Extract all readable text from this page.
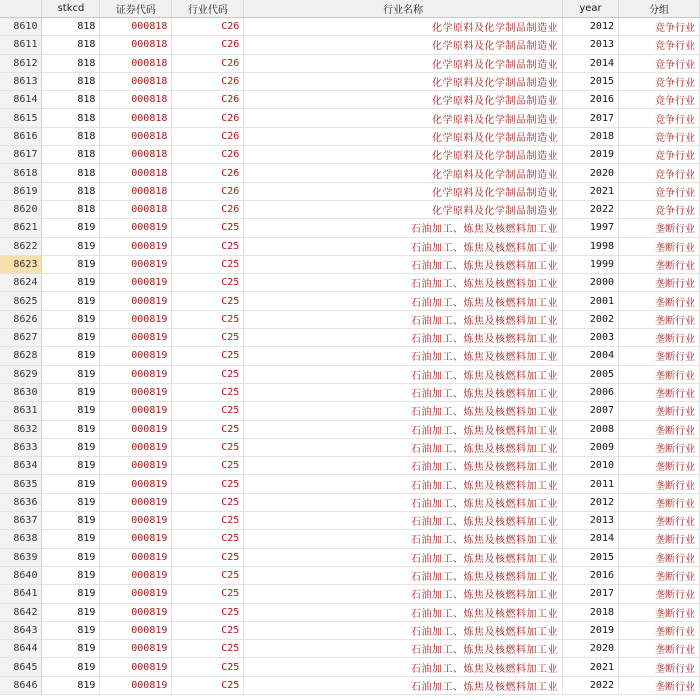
	stkcd	证券代码	行业代码	行业名称	year	分组
8610	818	000818	C26	化学原料及化学制品制造业	2012	竞争行业
8611	818	000818	C26	化学原料及化学制品制造业	2013	竞争行业
8612	818	000818	C26	化学原料及化学制品制造业	2014	竞争行业
8613	818	000818	C26	化学原料及化学制品制造业	2015	竞争行业
8614	818	000818	C26	化学原料及化学制品制造业	2016	竞争行业
8615	818	000818	C26	化学原料及化学制品制造业	2017	竞争行业
8616	818	000818	C26	化学原料及化学制品制造业	2018	竞争行业
8617	818	000818	C26	化学原料及化学制品制造业	2019	竞争行业
8618	818	000818	C26	化学原料及化学制品制造业	2020	竞争行业
8619	818	000818	C26	化学原料及化学制品制造业	2021	竞争行业
8620	818	000818	C26	化学原料及化学制品制造业	2022	竞争行业
8621	819	000819	C25	石油加工、炼焦及核燃料加工业	1997	垄断行业
8622	819	000819	C25	石油加工、炼焦及核燃料加工业	1998	垄断行业
8623	819	000819	C25	石油加工、炼焦及核燃料加工业	1999	垄断行业
8624	819	000819	C25	石油加工、炼焦及核燃料加工业	2000	垄断行业
8625	819	000819	C25	石油加工、炼焦及核燃料加工业	2001	垄断行业
8626	819	000819	C25	石油加工、炼焦及核燃料加工业	2002	垄断行业
8627	819	000819	C25	石油加工、炼焦及核燃料加工业	2003	垄断行业
8628	819	000819	C25	石油加工、炼焦及核燃料加工业	2004	垄断行业
8629	819	000819	C25	石油加工、炼焦及核燃料加工业	2005	垄断行业
8630	819	000819	C25	石油加工、炼焦及核燃料加工业	2006	垄断行业
8631	819	000819	C25	石油加工、炼焦及核燃料加工业	2007	垄断行业
8632	819	000819	C25	石油加工、炼焦及核燃料加工业	2008	垄断行业
8633	819	000819	C25	石油加工、炼焦及核燃料加工业	2009	垄断行业
8634	819	000819	C25	石油加工、炼焦及核燃料加工业	2010	垄断行业
8635	819	000819	C25	石油加工、炼焦及核燃料加工业	2011	垄断行业
8636	819	000819	C25	石油加工、炼焦及核燃料加工业	2012	垄断行业
8637	819	000819	C25	石油加工、炼焦及核燃料加工业	2013	垄断行业
8638	819	000819	C25	石油加工、炼焦及核燃料加工业	2014	垄断行业
8639	819	000819	C25	石油加工、炼焦及核燃料加工业	2015	垄断行业
8640	819	000819	C25	石油加工、炼焦及核燃料加工业	2016	垄断行业
8641	819	000819	C25	石油加工、炼焦及核燃料加工业	2017	垄断行业
8642	819	000819	C25	石油加工、炼焦及核燃料加工业	2018	垄断行业
8643	819	000819	C25	石油加工、炼焦及核燃料加工业	2019	垄断行业
8644	819	000819	C25	石油加工、炼焦及核燃料加工业	2020	垄断行业
8645	819	000819	C25	石油加工、炼焦及核燃料加工业	2021	垄断行业
8646	819	000819	C25	石油加工、炼焦及核燃料加工业	2022	垄断行业
